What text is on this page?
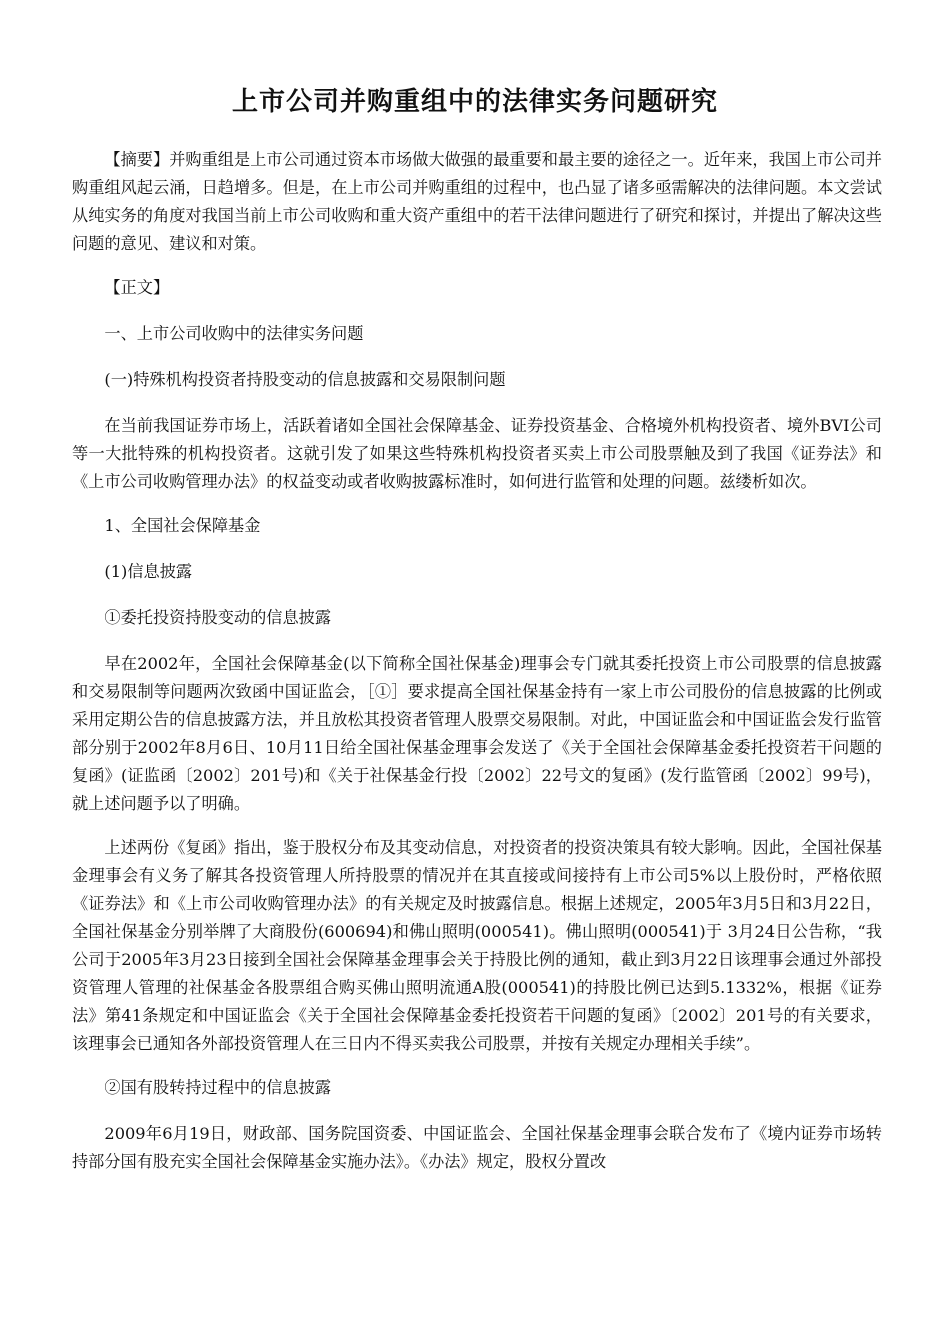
上市公司并购重组中的法律实务问题研究

【摘要】并购重组是上市公司通过资本市场做大做强的最重要和最主要的途径之一。近年来，我国上市公司并购重组风起云涌，日趋增多。但是，在上市公司并购重组的过程中，也凸显了诸多亟需解决的法律问题。本文尝试从纯实务的角度对我国当前上市公司收购和重大资产重组中的若干法律问题进行了研究和探讨，并提出了解决这些问题的意见、建议和对策。

【正文】

一、上市公司收购中的法律实务问题

(一)特殊机构投资者持股变动的信息披露和交易限制问题

在当前我国证券市场上，活跃着诸如全国社会保障基金、证券投资基金、合格境外机构投资者、境外BVI公司等一大批特殊的机构投资者。这就引发了如果这些特殊机构投资者买卖上市公司股票触及到了我国《证券法》和《上市公司收购管理办法》的权益变动或者收购披露标准时，如何进行监管和处理的问题。兹缕析如次。

1、全国社会保障基金

(1)信息披露

①委托投资持股变动的信息披露

早在2002年，全国社会保障基金(以下简称全国社保基金)理事会专门就其委托投资上市公司股票的信息披露和交易限制等问题两次致函中国证监会，［①］要求提高全国社保基金持有一家上市公司股份的信息披露的比例或采用定期公告的信息披露方法，并且放松其投资者管理人股票交易限制。对此，中国证监会和中国证监会发行监管部分别于2002年8月6日、10月11日给全国社保基金理事会发送了《关于全国社会保障基金委托投资若干问题的复函》(证监函〔2002〕201号)和《关于社保基金行投〔2002〕22号文的复函》(发行监管函〔2002〕99号)，就上述问题予以了明确。

上述两份《复函》指出，鉴于股权分布及其变动信息，对投资者的投资决策具有较大影响。因此，全国社保基金理事会有义务了解其各投资管理人所持股票的情况并在其直接或间接持有上市公司5%以上股份时，严格依照《证券法》和《上市公司收购管理办法》的有关规定及时披露信息。根据上述规定，2005年3月5日和3月22日，全国社保基金分别举牌了大商股份(600694)和佛山照明(000541)。佛山照明(000541)于 3月24日公告称，“我公司于2005年3月23日接到全国社会保障基金理事会关于持股比例的通知，截止到3月22日该理事会通过外部投资管理人管理的社保基金各股票组合购买佛山照明流通A股(000541)的持股比例已达到5.1332%，根据《证券法》第41条规定和中国证监会《关于全国社会保障基金委托投资若干问题的复函》〔2002〕201号的有关要求，该理事会已通知各外部投资管理人在三日内不得买卖我公司股票，并按有关规定办理相关手续”。

②国有股转持过程中的信息披露

2009年6月19日，财政部、国务院国资委、中国证监会、全国社保基金理事会联合发布了《境内证券市场转持部分国有股充实全国社会保障基金实施办法》。《办法》规定，股权分置改
